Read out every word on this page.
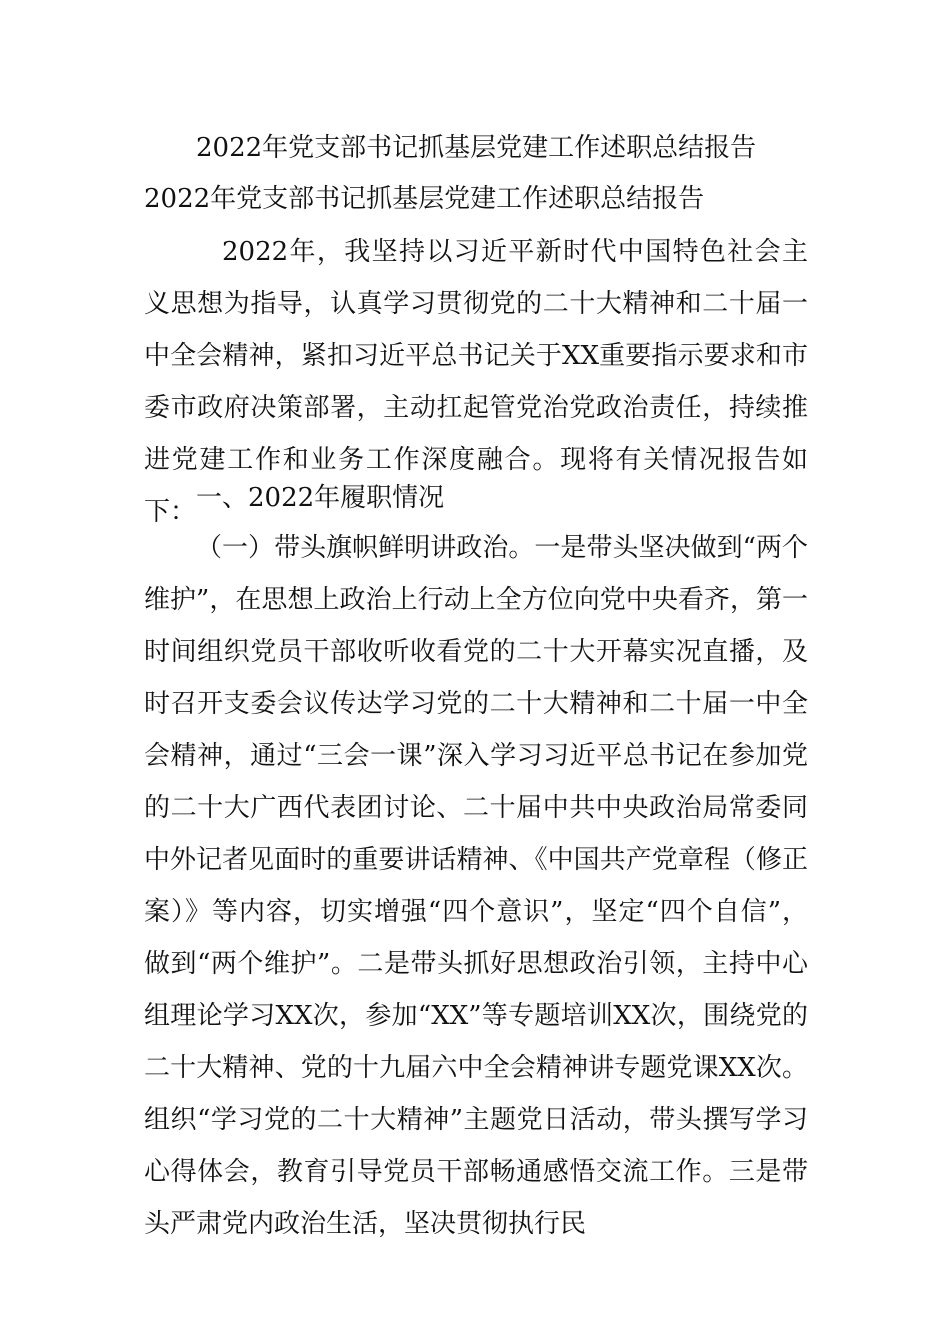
2022年党支部书记抓基层党建工作述职总结报告
2022年党支部书记抓基层党建工作述职总结报告

2022年，我坚持以习近平新时代中国特色社会主义思想为指导，认真学习贯彻党的二十大精神和二十届一中全会精神，紧扣习近平总书记关于XX重要指示要求和市委市政府决策部署，主动扛起管党治党政治责任，持续推进党建工作和业务工作深度融合。现将有关情况报告如下： 一、2022年履职情况

（一）带头旗帜鲜明讲政治。一是带头坚决做到“两个维护”，在思想上政治上行动上全方位向党中央看齐，第一时间组织党员干部收听收看党的二十大开幕实况直播，及时召开支委会议传达学习党的二十大精神和二十届一中全会精神，通过“三会一课”深入学习习近平总书记在参加党的二十大广西代表团讨论、二十届中共中央政治局常委同中外记者见面时的重要讲话精神、《中国共产党章程（修正案）》等内容，切实增强“四个意识”，坚定“四个自信”，做到“两个维护”。二是带头抓好思想政治引领，主持中心组理论学习XX次，参加“XX”等专题培训XX次，围绕党的二十大精神、党的十九届六中全会精神讲专题党课XX次。组织“学习党的二十大精神”主题党日活动，带头撰写学习心得体会，教育引导党员干部畅通感悟交流工作。三是带头严肃党内政治生活，坚决贯彻执行民
